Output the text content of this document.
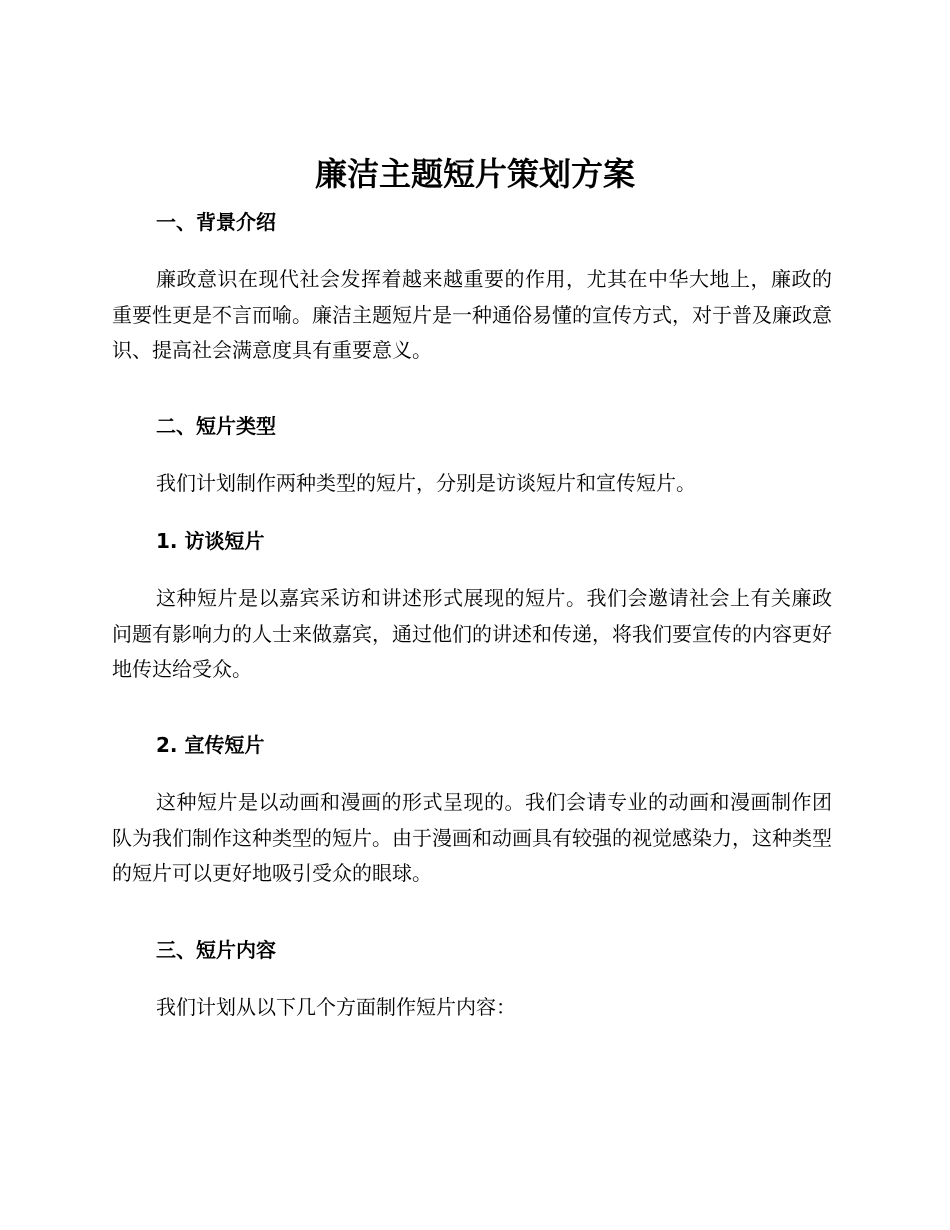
廉洁主题短片策划方案
一、背景介绍

廉政意识在现代社会发挥着越来越重要的作用，尤其在中华大地上，廉政的重要性更是不言而喻。廉洁主题短片是一种通俗易懂的宣传方式，对于普及廉政意识、提高社会满意度具有重要意义。

二、短片类型

我们计划制作两种类型的短片，分别是访谈短片和宣传短片。

1. 访谈短片

这种短片是以嘉宾采访和讲述形式展现的短片。我们会邀请社会上有关廉政问题有影响力的人士来做嘉宾，通过他们的讲述和传递，将我们要宣传的内容更好地传达给受众。

2. 宣传短片

这种短片是以动画和漫画的形式呈现的。我们会请专业的动画和漫画制作团队为我们制作这种类型的短片。由于漫画和动画具有较强的视觉感染力，这种类型的短片可以更好地吸引受众的眼球。

三、短片内容

我们计划从以下几个方面制作短片内容：
